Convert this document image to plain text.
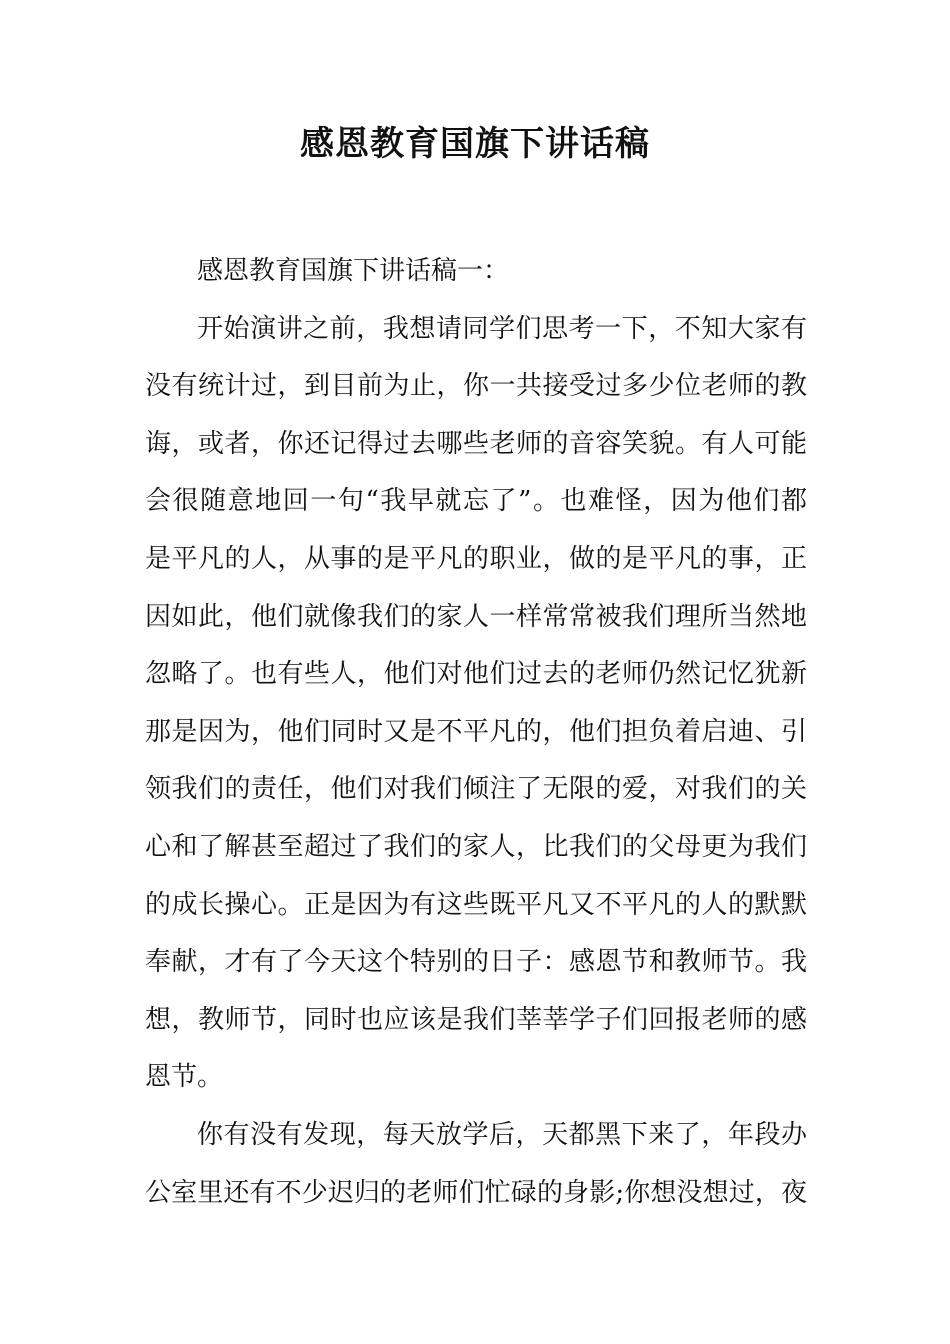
感恩教育国旗下讲话稿

感恩教育国旗下讲话稿一：

开始演讲之前，我想请同学们思考一下，不知大家有
没有统计过，到目前为止，你一共接受过多少位老师的教
诲，或者，你还记得过去哪些老师的音容笑貌。有人可能
会很随意地回一句“我早就忘了”。也难怪，因为他们都
是平凡的人，从事的是平凡的职业，做的是平凡的事，正
因如此，他们就像我们的家人一样常常被我们理所当然地
忽略了。也有些人，他们对他们过去的老师仍然记忆犹新
那是因为，他们同时又是不平凡的，他们担负着启迪、引
领我们的责任，他们对我们倾注了无限的爱，对我们的关
心和了解甚至超过了我们的家人，比我们的父母更为我们
的成长操心。正是因为有这些既平凡又不平凡的人的默默
奉献，才有了今天这个特别的日子：感恩节和教师节。我
想，教师节，同时也应该是我们莘莘学子们回报老师的感
恩节。

你有没有发现，每天放学后，天都黑下来了，年段办
公室里还有不少迟归的老师们忙碌的身影;你想没想过，夜
